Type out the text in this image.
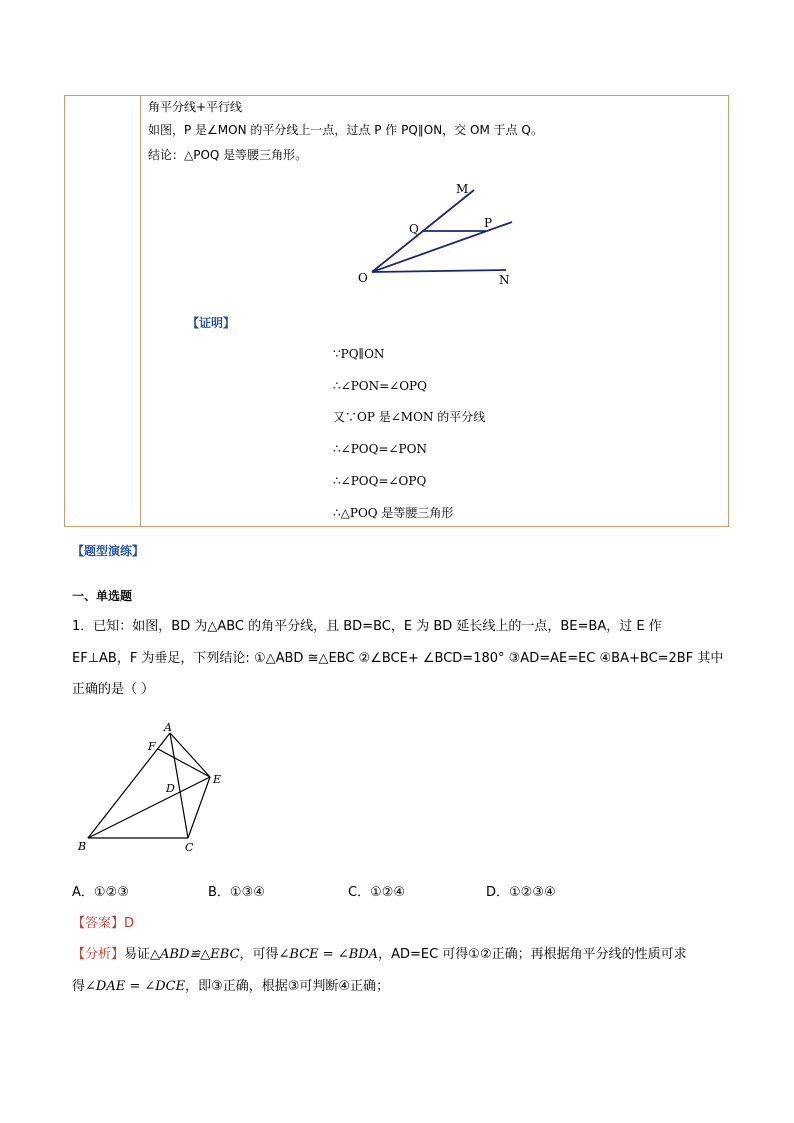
角平分线+平行线
如图，P 是∠MON 的平分线上一点，过点 P 作 PQ∥ON，交 OM 于点 Q。
结论：△POQ 是等腰三角形。
M
Q	P
O	N
【证明】
∵PQ∥ON
∴∠PON=∠OPQ
又∵OP 是∠MON 的平分线
∴∠POQ=∠PON
∴∠POQ=∠OPQ
∴△POQ 是等腰三角形
【题型演练】
一、单选题
1．已知：如图，BD 为△ABC 的角平分线，且 BD=BC，E 为 BD 延长线上的一点，BE=BA，过 E 作
EF⊥AB，F 为垂足，下列结论: ①△ABD ≅△EBC ②∠BCE+ ∠BCD=180° ③AD=AE=EC ④BA+BC=2BF 其中
正确的是（ ）
A
F
E
D
B	C
A．①②③	B．①③④	C．①②④	D．①②③④
【答案】D
【分析】易证△ABD≌△EBC，可得∠BCE = ∠BDA，AD=EC 可得①②正确；再根据角平分线的性质可求
得∠DAE = ∠DCE，即③正确，根据③可判断④正确；
